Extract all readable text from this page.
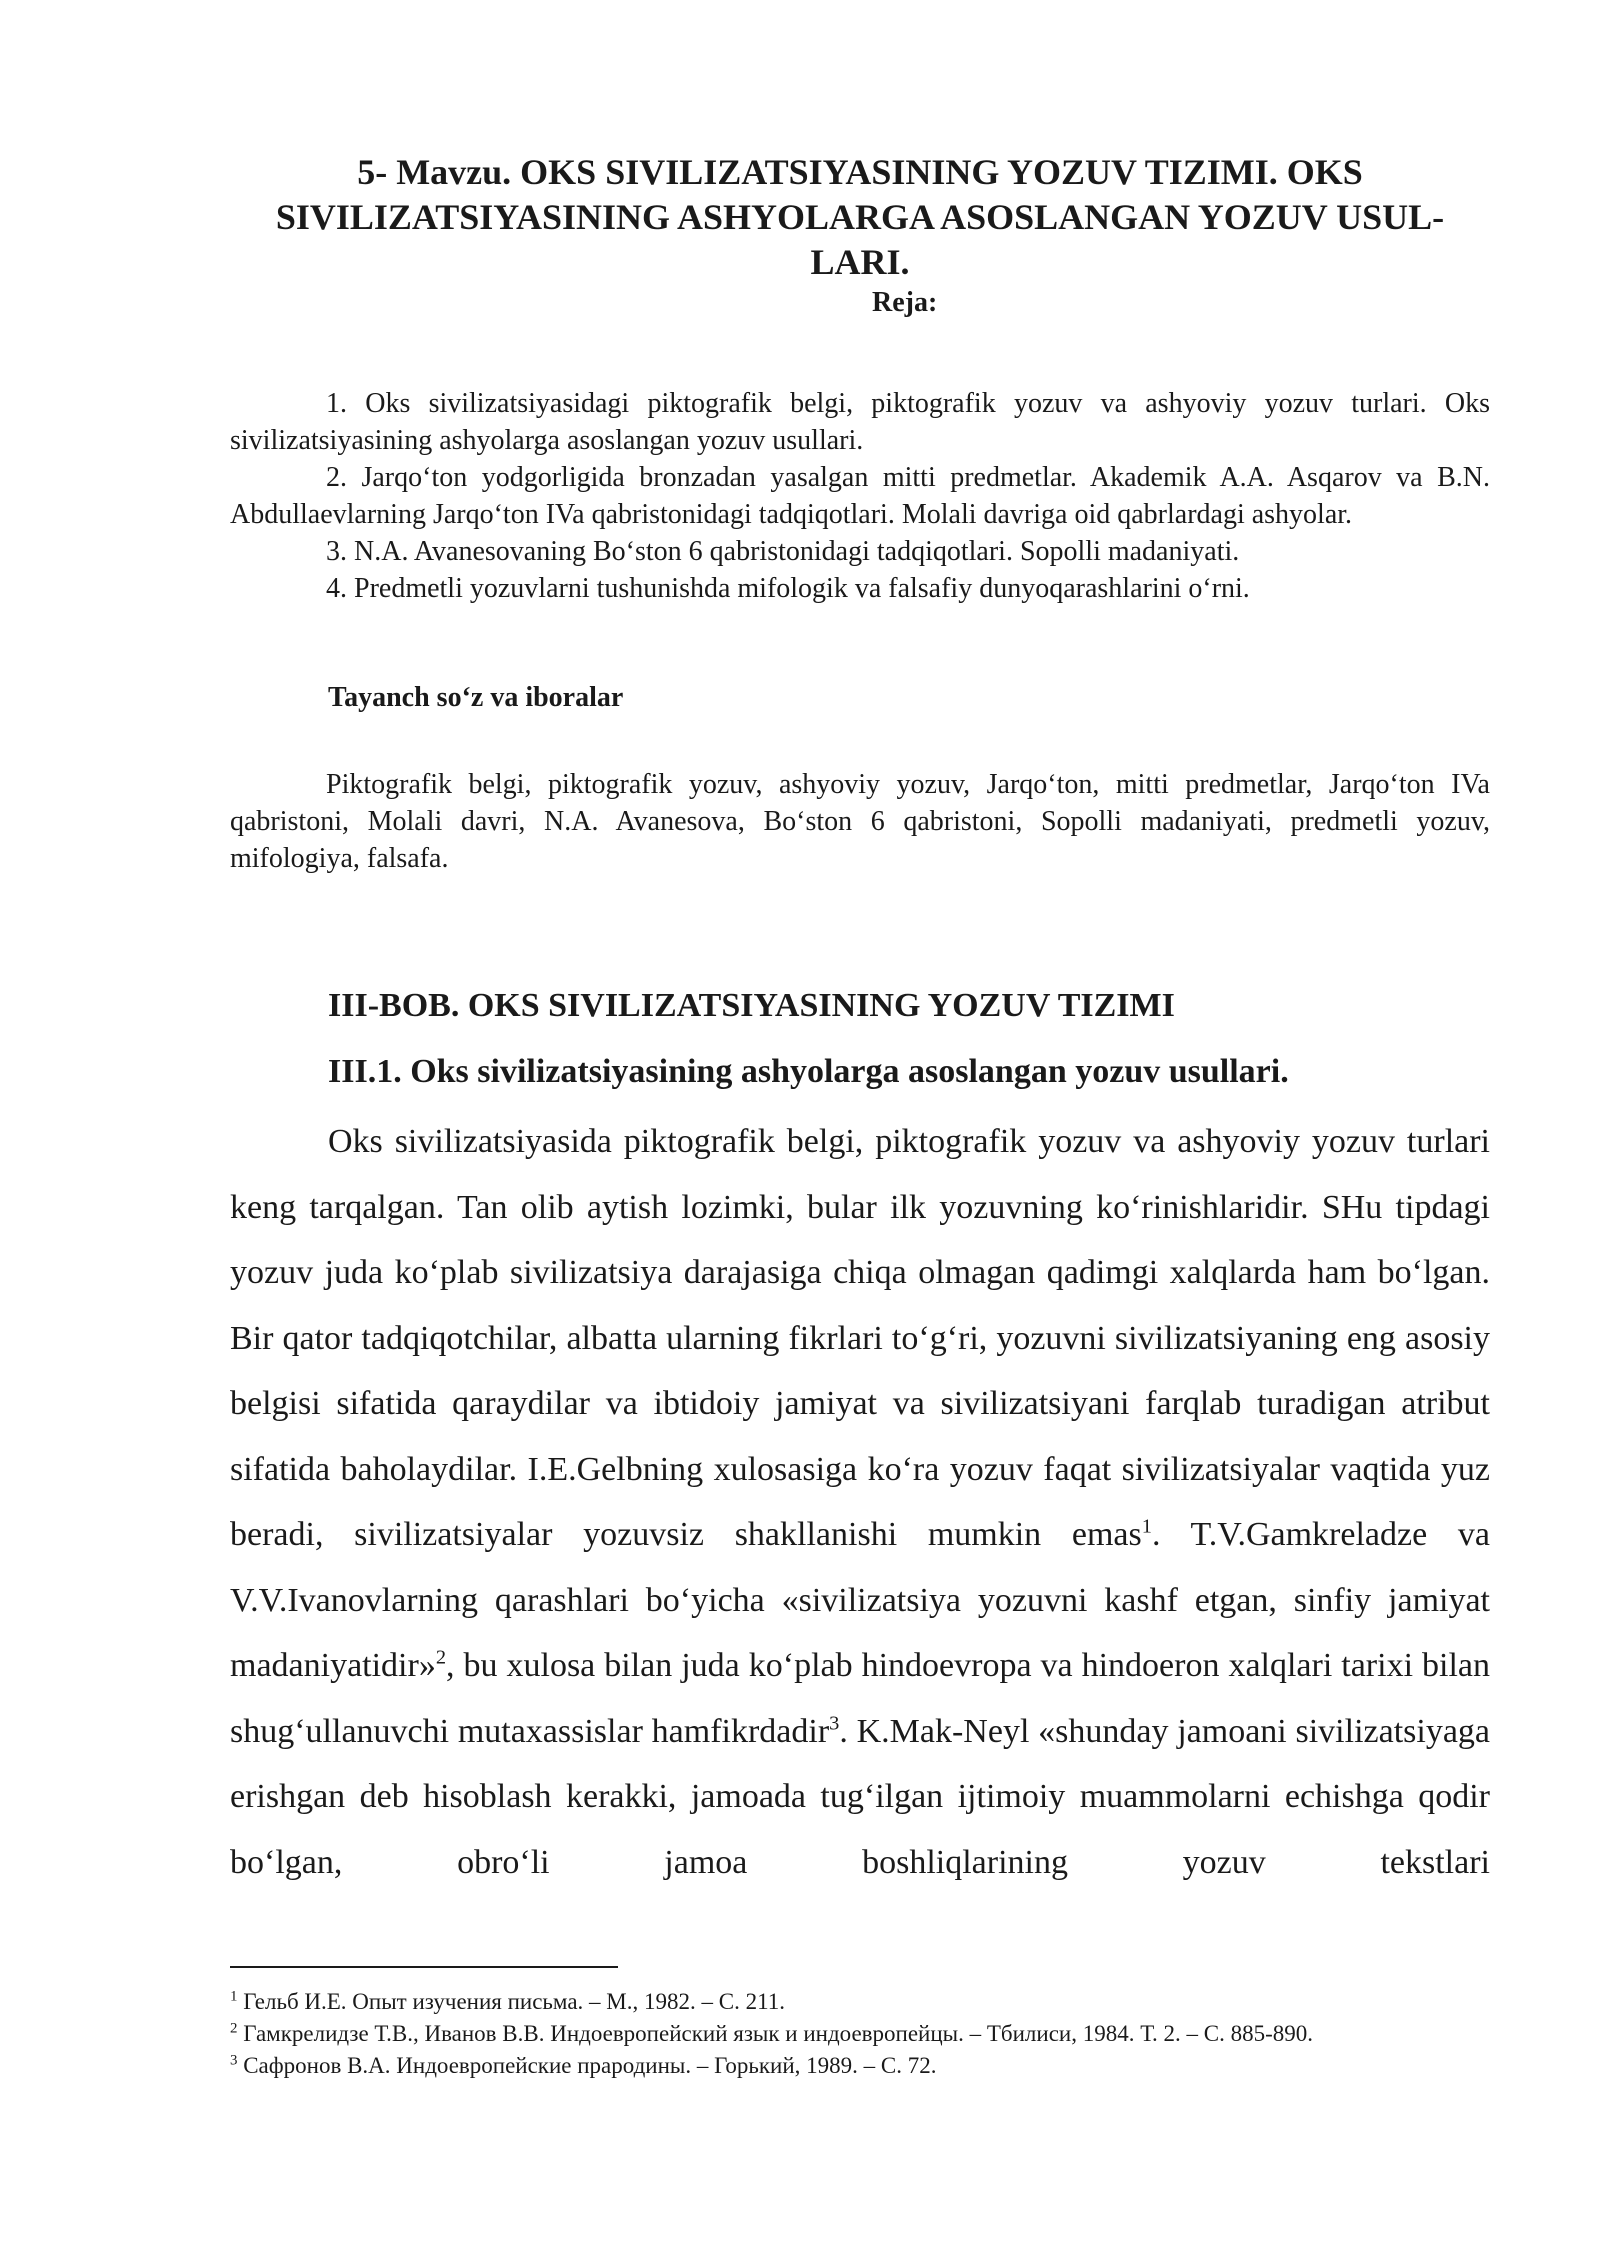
5- Mavzu. OKS SIVILIZATSIYASINING YOZUV TIZIMI. OKS
SIVILIZATSIYASINING ASHYOLARGA ASOSLANGAN YOZUV USUL-LARI.
Reja:

1. Oks sivilizatsiyasidagi piktografik belgi, piktografik yozuv va ashyoviy yozuv turlari. Oks sivilizatsiyasining ashyolarga asoslangan yozuv usullari.

2. Jarqo‘ton yodgorligida bronzadan yasalgan mitti predmetlar. Akademik A.A. Asqarov va B.N. Abdullaevlarning Jarqo‘ton IVa qabristonidagi tadqiqotlari. Molali davriga oid qabrlardagi ashyolar.

3. N.A. Avanesovaning Bo‘ston 6 qabristonidagi tadqiqotlari. Sopolli madaniyati.

4. Predmetli yozuvlarni tushunishda mifologik va falsafiy dunyoqarashlarini o‘rni.

Tayanch so‘z va iboralar
Piktografik belgi, piktografik yozuv, ashyoviy yozuv, Jarqo‘ton, mitti predmetlar, Jarqo‘ton IVa qabristoni, Molali davri, N.A. Avanesova, Bo‘ston 6 qabristoni, Sopolli madaniyati, predmetli yozuv, mifologiya, falsafa.
III-BOB. OKS SIVILIZATSIYASINING YOZUV TIZIMI
III.1. Oks sivilizatsiyasining ashyolarga asoslangan yozuv usullari.

Oks sivilizatsiyasida piktografik belgi, piktografik yozuv va ashyoviy yozuv turlari keng tarqalgan. Tan olib aytish lozimki, bular ilk yozuvning ko‘rinishlaridir. SHu tipdagi yozuv juda ko‘plab sivilizatsiya darajasiga chiqa olmagan qadimgi xalqlarda ham bo‘lgan. Bir qator tadqiqotchilar, albatta ularning fikrlari to‘g‘ri, yozuvni sivilizatsiyaning eng asosiy belgisi sifatida qaraydilar va ibtidoiy jamiyat va sivilizatsiyani farqlab turadigan atribut sifatida baholaydilar. I.E.Gelbning xulosasiga ko‘ra yozuv faqat sivilizatsiyalar vaqtida yuz beradi, sivilizatsiyalar yozuvsiz shakllanishi mumkin emas$^1$. T.V.Gamkreladze va V.V.Ivanovlarning qarashlari bo‘yicha «sivilizatsiya yozuvni kashf etgan, sinfiy jamiyat madaniyatidir»$^2$, bu xulosa bilan juda ko‘plab hindoevropa va hindoeron xalqlari tarixi bilan shug‘ullanuvchi mutaxassislar hamfikrdadir$^3$. K.Mak-Neyl «shunday jamoani sivilizatsiyaga erishgan deb hisoblash kerakki, jamoada tug‘ilgan ijtimoiy muammolarni echishga qodir bo‘lgan, obro‘li jamoa boshliqlarining yozuv tekstlari

$^1$ Гельб И.Е. Опыт изучения письма. – М., 1982. – С. 211.

$^2$ Гамкрелидзе Т.В., Иванов В.В. Индоевропейский язык и индоевропейцы. – Тбилиси, 1984. Т. 2. – С. 885-890.

$^3$ Сафронов В.А. Индоевропейские прародины. – Горький, 1989. – С. 72.
